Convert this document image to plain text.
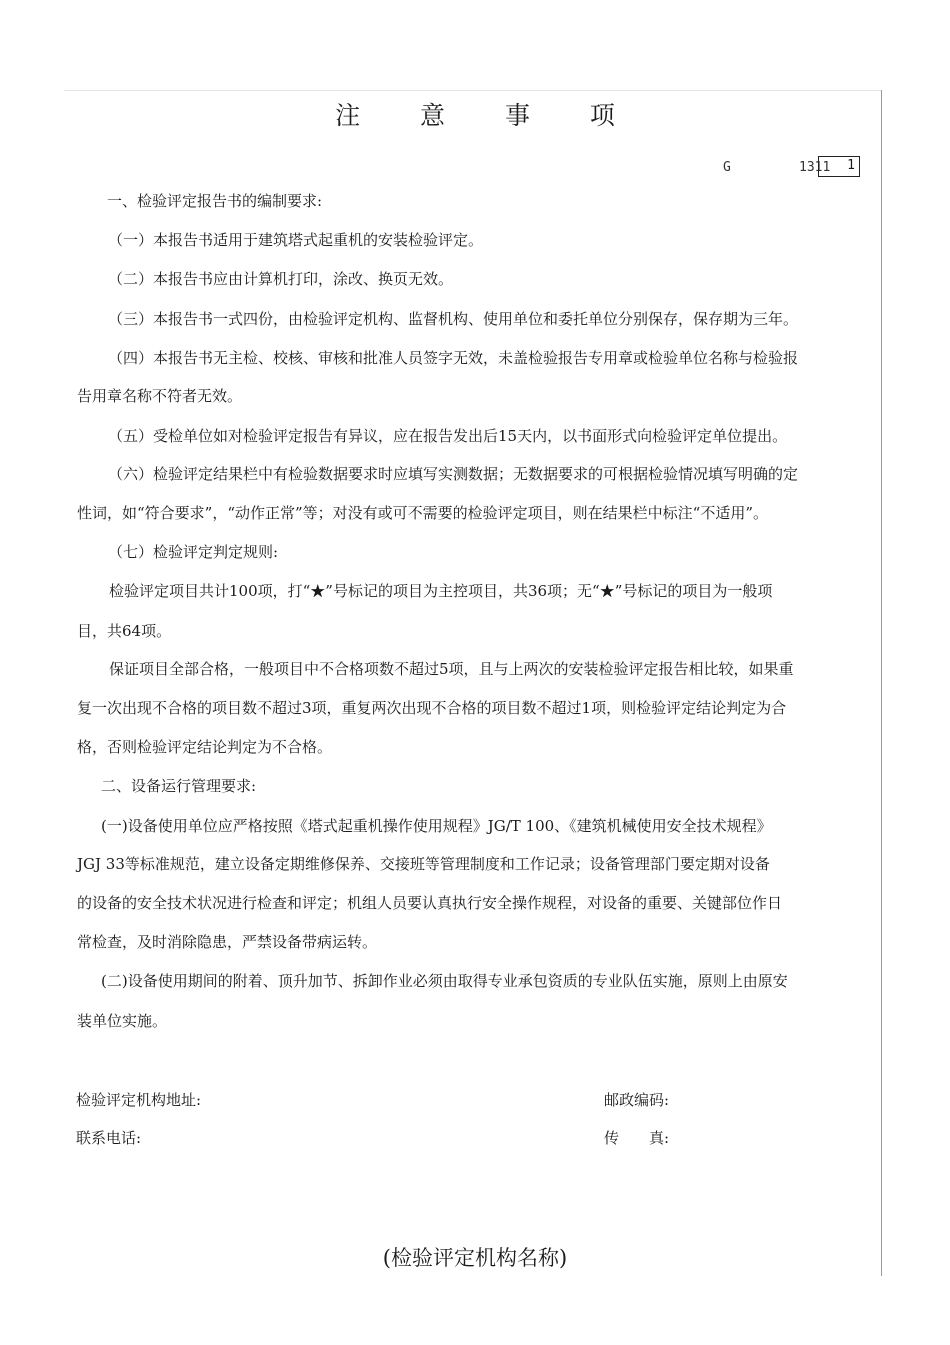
注 意 事 项
G	1311 1
一、检验评定报告书的编制要求:
（一）本报告书适用于建筑塔式起重机的安装检验评定。
（二）本报告书应由计算机打印，涂改、换页无效。
（三）本报告书一式四份，由检验评定机构、监督机构、使用单位和委托单位分别保存，保存期为三年。
（四）本报告书无主检、校核、审核和批准人员签字无效，未盖检验报告专用章或检验单位名称与检验报
告用章名称不符者无效。
（五）受检单位如对检验评定报告有异议，应在报告发出后15天内，以书面形式向检验评定单位提出。
（六）检验评定结果栏中有检验数据要求时应填写实测数据；无数据要求的可根据检验情况填写明确的定
性词，如“符合要求”，“动作正常”等；对没有或可不需要的检验评定项目，则在结果栏中标注“不适用”。
（七）检验评定判定规则:
检验评定项目共计100项，打“★”号标记的项目为主控项目，共36项；无“★”号标记的项目为一般项
目，共64项。
保证项目全部合格，一般项目中不合格项数不超过5项，且与上两次的安装检验评定报告相比较，如果重
复一次出现不合格的项目数不超过3项，重复两次出现不合格的项目数不超过1项，则检验评定结论判定为合
格，否则检验评定结论判定为不合格。
二、设备运行管理要求:
(一)设备使用单位应严格按照《塔式起重机操作使用规程》JG/T 100、《建筑机械使用安全技术规程》
JGJ 33等标准规范，建立设备定期维修保养、交接班等管理制度和工作记录；设备管理部门要定期对设备
的设备的安全技术状况进行检查和评定；机组人员要认真执行安全操作规程，对设备的重要、关键部位作日
常检查，及时消除隐患，严禁设备带病运转。
(二)设备使用期间的附着、顶升加节、拆卸作业必须由取得专业承包资质的专业队伍实施，原则上由原安
装单位实施。
检验评定机构地址:	邮政编码:
联系电话:	传　　真:
(检验评定机构名称)
